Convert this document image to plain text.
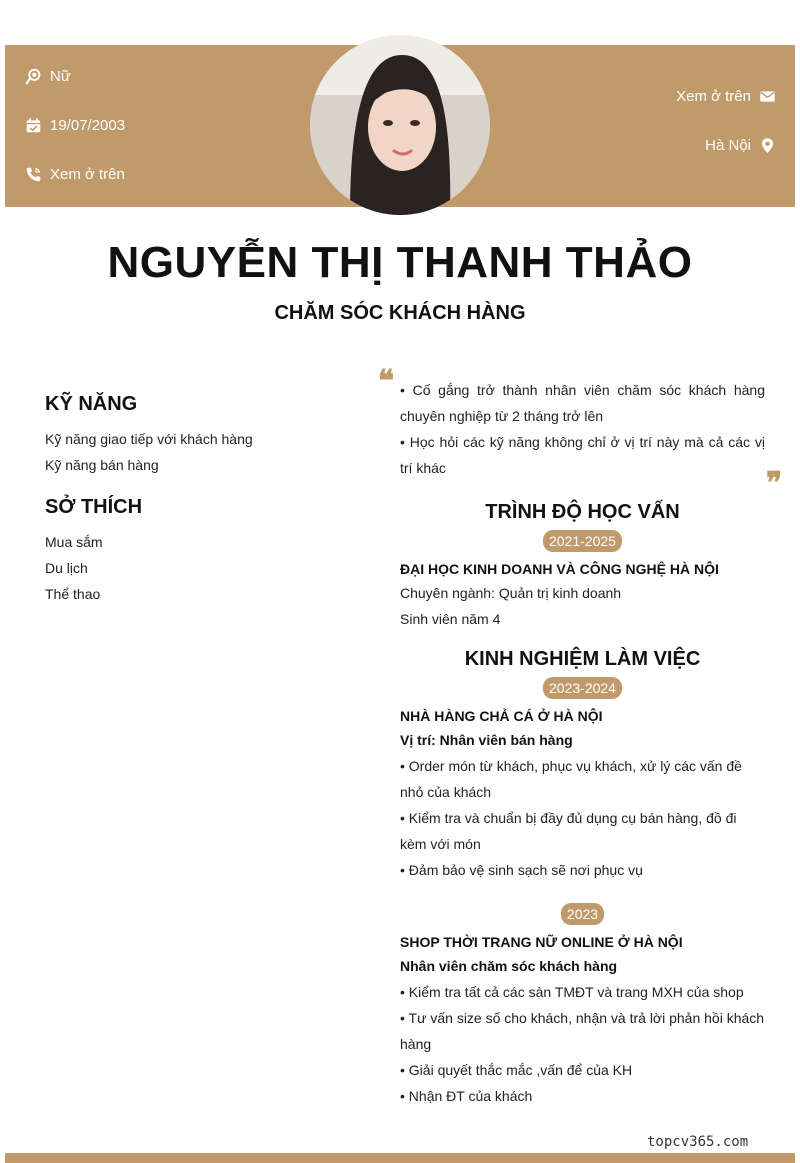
Nữ
19/07/2003
Xem ở trên
Xem ở trên
Hà Nội
NGUYỄN THỊ THANH THẢO
CHĂM SÓC KHÁCH HÀNG
KỸ NĂNG
Kỹ năng giao tiếp với khách hàng
Kỹ năng bán hàng
SỞ THÍCH
Mua sắm
Du lịch
Thể thao
❝
❞

• Cố gắng trở thành nhân viên chăm sóc khách hàng chuyên nghiệp từ 2 tháng trở lên

• Học hỏi các kỹ năng không chỉ ở vị trí này mà cả các vị trí khác

TRÌNH ĐỘ HỌC VẤN
2021-2025
ĐẠI HỌC KINH DOANH VÀ CÔNG NGHỆ HÀ NỘI
Chuyên ngành: Quản trị kinh doanh
Sinh viên năm 4
KINH NGHIỆM LÀM VIỆC
2023-2024
NHÀ HÀNG CHẢ CÁ Ở HÀ NỘI
Vị trí: Nhân viên bán hàng
• Order món từ khách, phục vụ khách, xử lý các vấn đề nhỏ của khách
• Kiểm tra và chuẩn bị đầy đủ dụng cụ bán hàng, đồ đi kèm với món
• Đảm bảo vệ sinh sạch sẽ nơi phục vụ
2023
SHOP THỜI TRANG NỮ ONLINE Ở HÀ NỘI
Nhân viên chăm sóc khách hàng
• Kiểm tra tất cả các sàn TMĐT và trang MXH của shop
• Tư vấn size số cho khách, nhận và trả lời phản hồi khách hàng
• Giải quyết thắc mắc ,vấn để của KH
• Nhận ĐT của khách
topcv365.com
